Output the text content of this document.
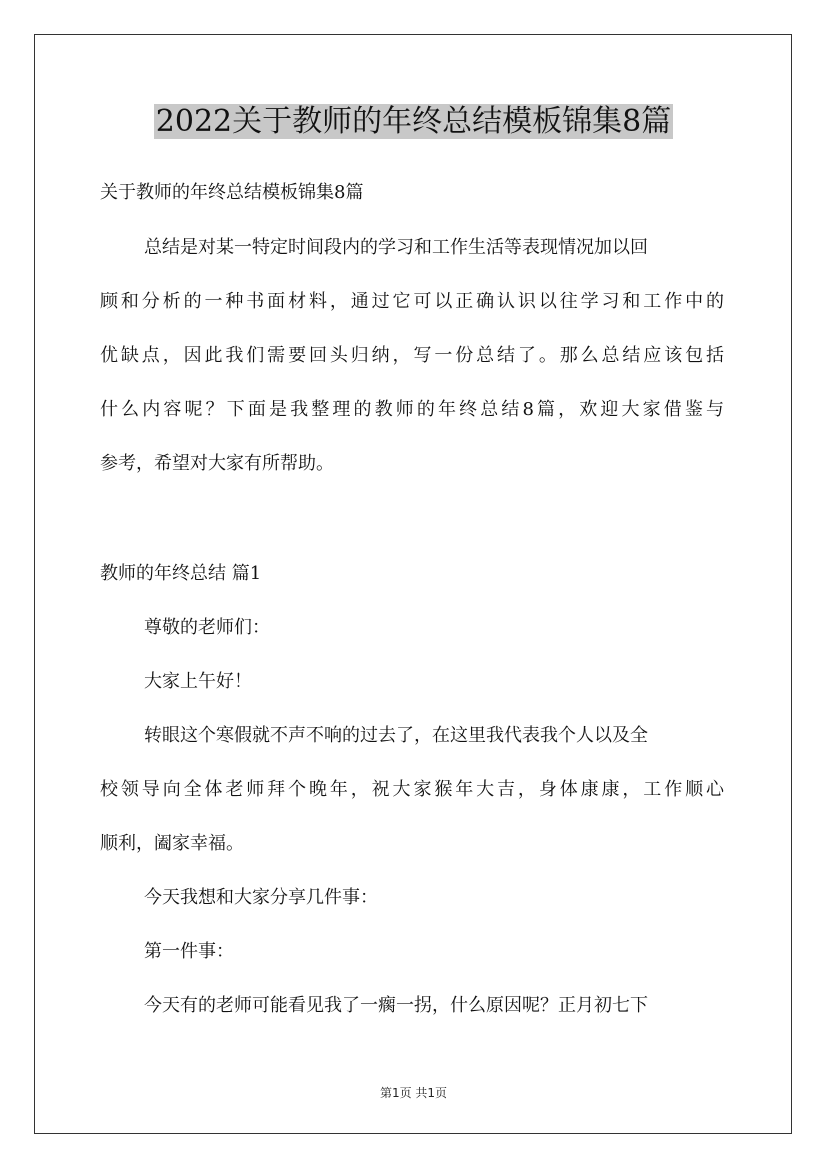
2022关于教师的年终总结模板锦集8篇

关于教师的年终总结模板锦集8篇

总结是对某一特定时间段内的学习和工作生活等表现情况加以回

顾和分析的一种书面材料，通过它可以正确认识以往学习和工作中的

优缺点，因此我们需要回头归纳，写一份总结了。那么总结应该包括

什么内容呢？下面是我整理的教师的年终总结8篇，欢迎大家借鉴与

参考，希望对大家有所帮助。

教师的年终总结 篇1

尊敬的老师们：

大家上午好！

转眼这个寒假就不声不响的过去了，在这里我代表我个人以及全

校领导向全体老师拜个晚年，祝大家猴年大吉，身体康康，工作顺心

顺利，阖家幸福。

今天我想和大家分享几件事：

第一件事：

今天有的老师可能看见我了一瘸一拐，什么原因呢？正月初七下

第1页 共1页
